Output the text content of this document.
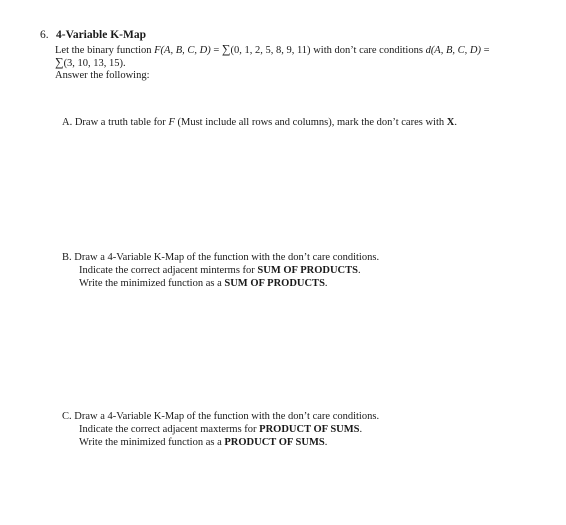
6. 4-Variable K-Map
Let the binary function F(A, B, C, D) = ∑(0, 1, 2, 5, 8, 9, 11) with don’t care conditions d(A, B, C, D) =
∑(3, 10, 13, 15).
Answer the following:
A. Draw a truth table for F (Must include all rows and columns), mark the don’t cares with X.
B. Draw a 4-Variable K-Map of the function with the don’t care conditions.
Indicate the correct adjacent minterms for SUM OF PRODUCTS.
Write the minimized function as a SUM OF PRODUCTS.
C. Draw a 4-Variable K-Map of the function with the don’t care conditions.
Indicate the correct adjacent maxterms for PRODUCT OF SUMS.
Write the minimized function as a PRODUCT OF SUMS.
